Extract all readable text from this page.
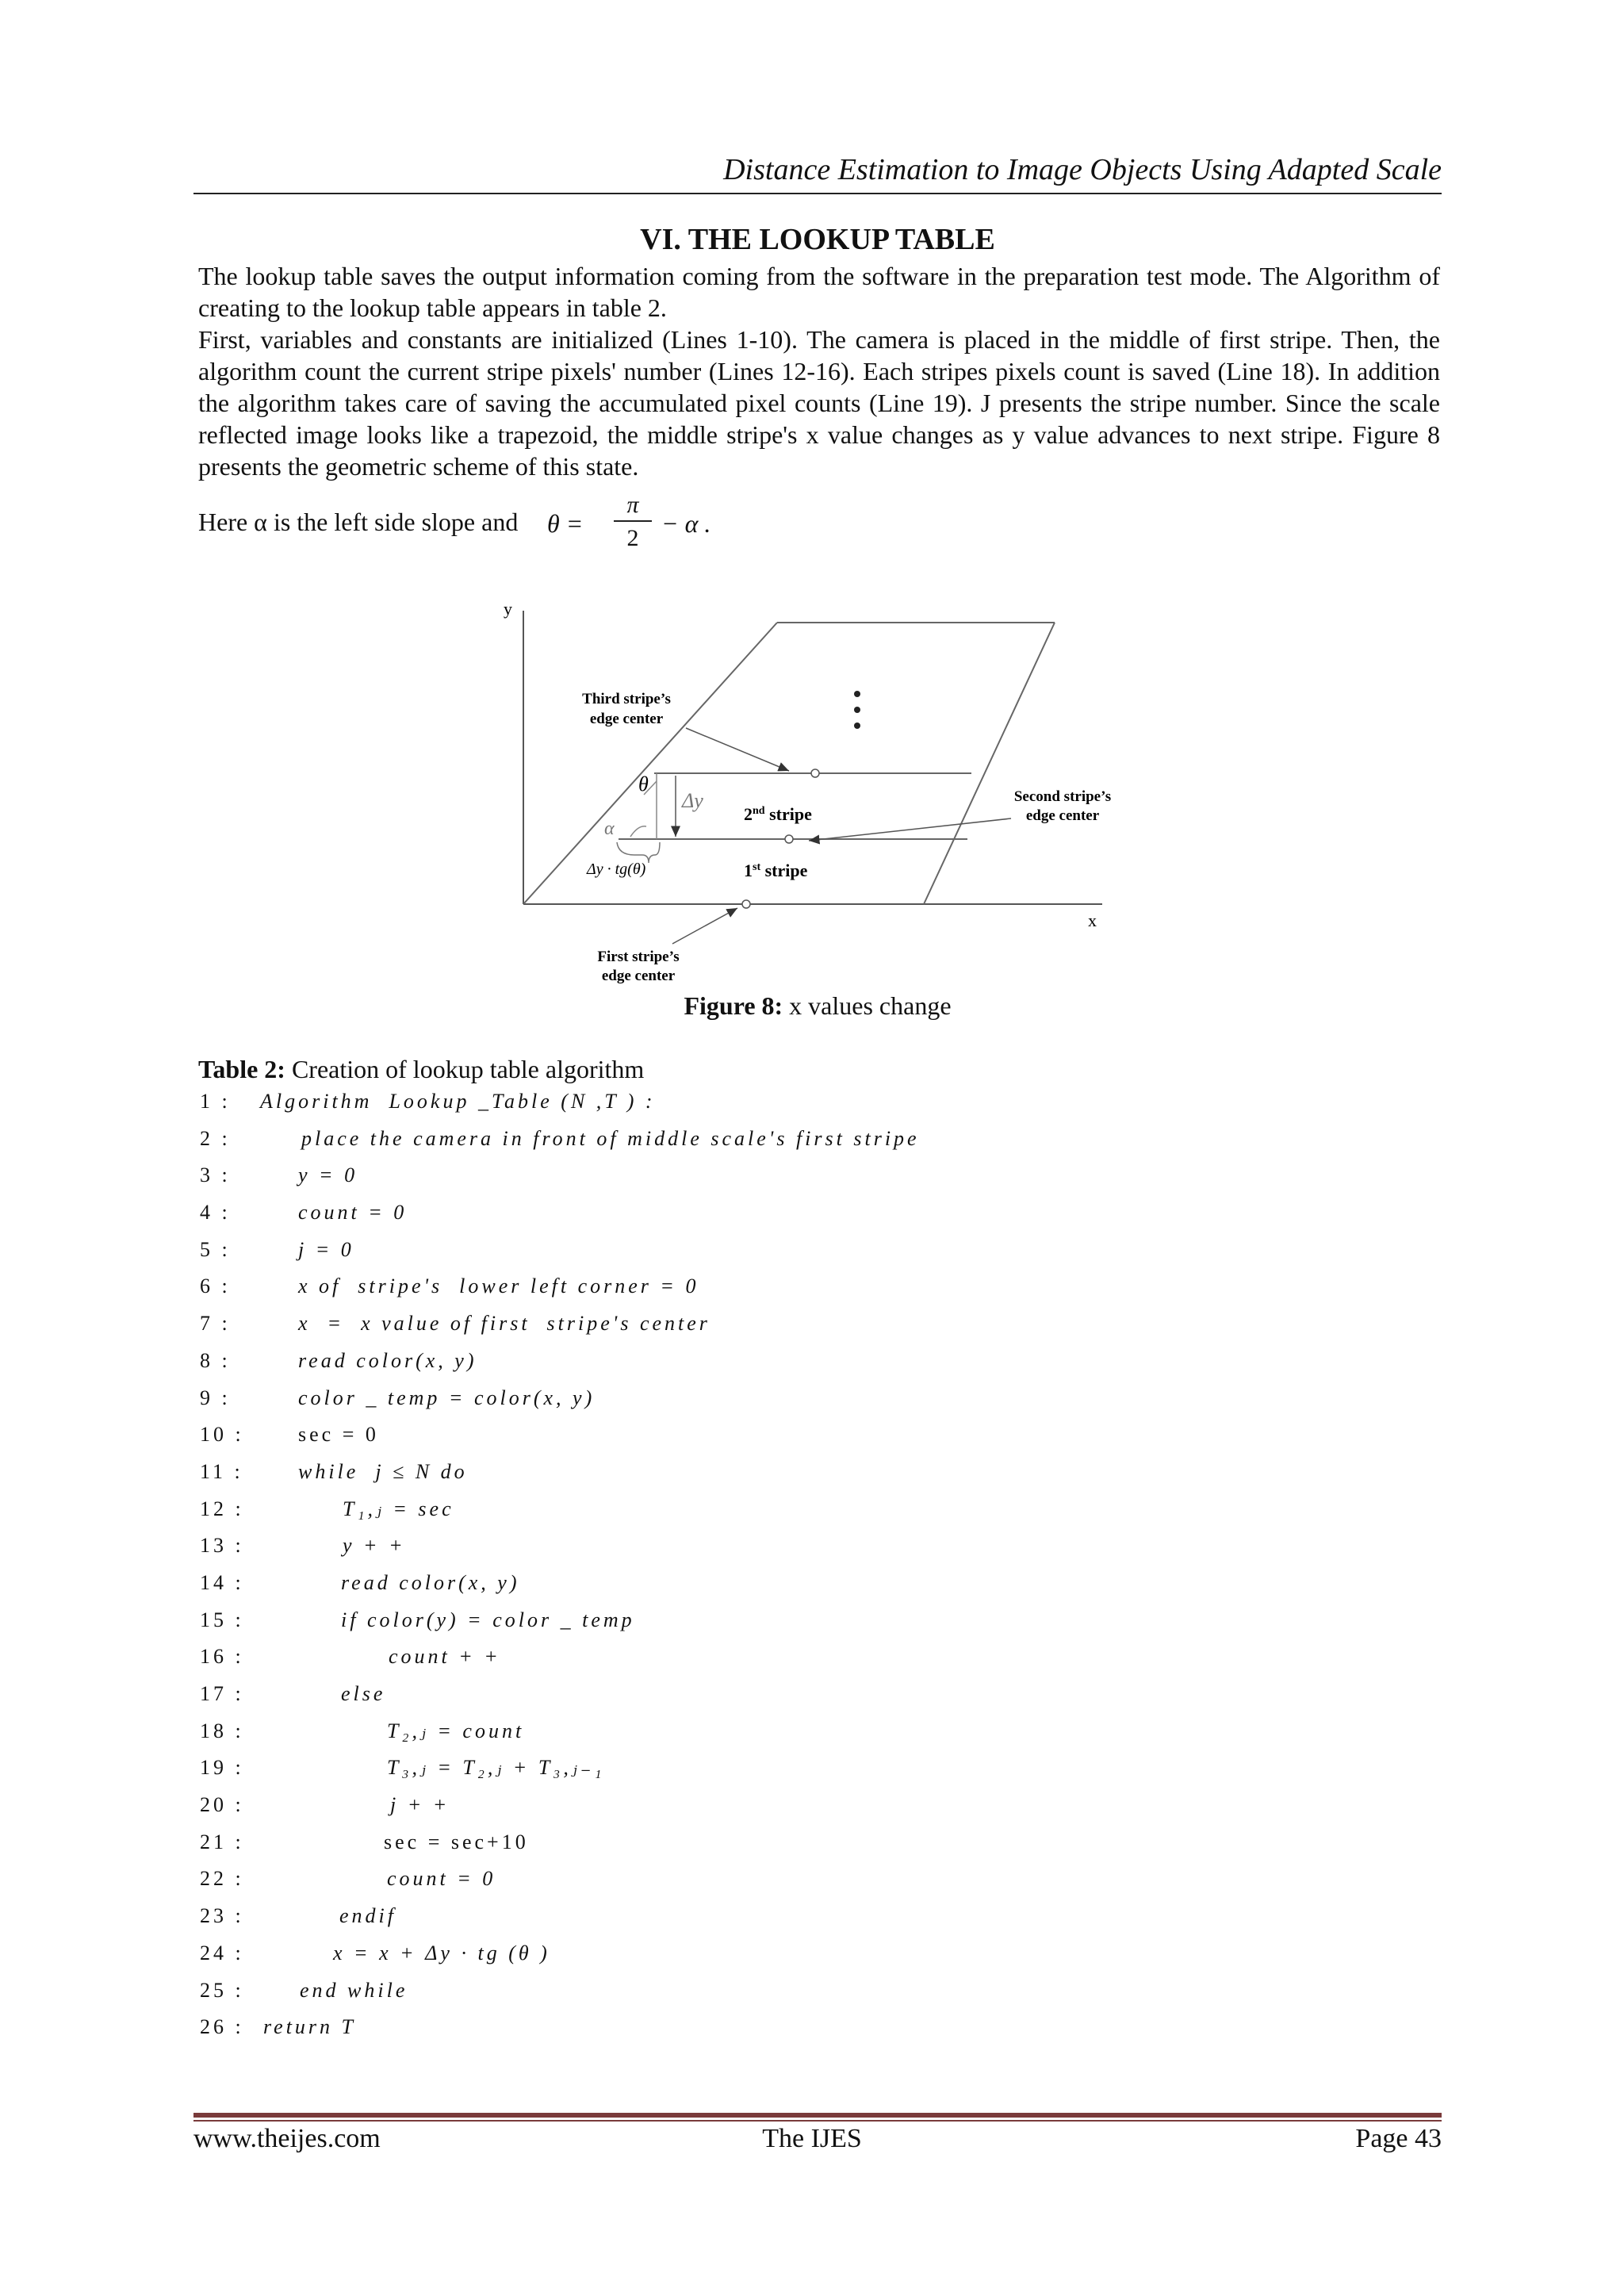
Distance Estimation to Image Objects Using Adapted Scale
VI. THE LOOKUP TABLE
The lookup table saves the output information coming from the software in the preparation test mode. The Algorithm of creating to the lookup table appears in table 2.
First, variables and constants are initialized (Lines 1-10). The camera is placed in the middle of first stripe. Then, the algorithm count the current stripe pixels' number (Lines 12-16). Each stripes pixels count is saved (Line 18). In addition the algorithm takes care of saving the accumulated pixel counts (Line 19). J presents the stripe number. Since the scale reflected image looks like a trapezoid, the middle stripe's x value changes as y value advances to next stripe. Figure 8 presents the geometric scheme of this state.
Here α is the left side slope and θ =
π
2
− α .
y
x
Third stripe’s
edge center
Second stripe’s
edge center
First stripe’s
edge center
2nd stripe
1st stripe
θ
α
Δy
Δy · tg(θ)
Figure 8: x values change
Table 2: Creation of lookup table algorithm
1 : Algorithm  Lookup _Table (N ,T ) :
2 :	place the camera in front of middle scale's first stripe
3 :	y = 0
4 :	count = 0
5 :	j = 0
6 :	x of  stripe's  lower left corner = 0
7 :	x  =  x value of first  stripe's center
8 :	read color(x, y)
9 :	color _ temp = color(x, y)
10 :	sec = 0
11 :	while  j ≤ N do
12 :	T₁,ⱼ = sec
13 :	y + +
14 :	read color(x, y)
15 :	if color(y) = color _ temp
16 :	count + +
17 :	else
18 :	T₂,ⱼ = count
19 :	T₃,ⱼ = T₂,ⱼ + T₃,ⱼ₋₁
20 :	j + +
21 :	sec = sec+10
22 :	count = 0
23 :	endif
24 :	x = x + Δy · tg (θ )
25 :	end while
26 : return T
www.theijes.com	The IJES	Page 43
